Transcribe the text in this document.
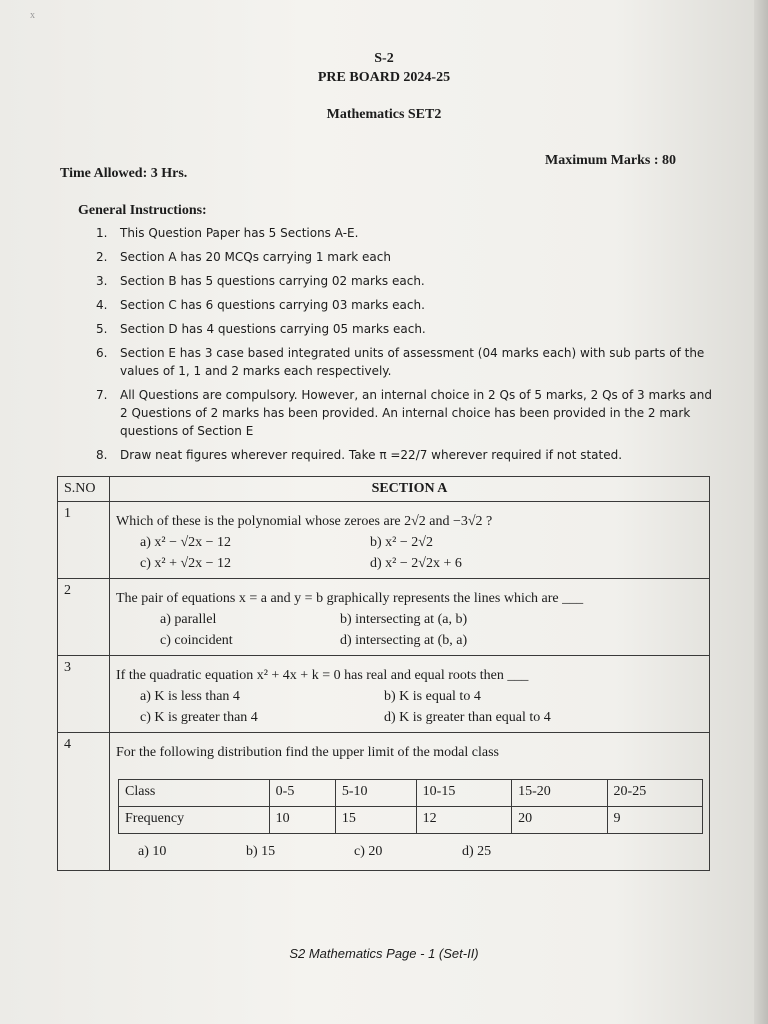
x
S-2
PRE BOARD 2024-25
Mathematics SET2
Time Allowed: 3 Hrs.
Maximum Marks : 80
General Instructions:
1.	This Question Paper has 5 Sections A-E.
2.	Section A has 20 MCQs carrying 1 mark each
3.	Section B has 5 questions carrying 02 marks each.
4.	Section C has 6 questions carrying 03 marks each.
5.	Section D has 4 questions carrying 05 marks each.
6.	Section E has 3 case based integrated units of assessment (04 marks each) with sub parts of the values of 1, 1 and 2 marks each respectively.
7.	All Questions are compulsory. However, an internal choice in 2 Qs of 5 marks, 2 Qs of 3 marks and 2 Questions of 2 marks has been provided. An internal choice has been provided in the 2 mark questions of Section E
8.	Draw neat figures wherever required. Take π =22/7 wherever required if not stated.
S.NO	SECTION A
1	
Which of these is the polynomial whose zeroes are 2√2 and −3√2 ?
a) x² − √2x − 12	b) x² − 2√2
c) x² + √2x − 12	d) x² − 2√2x + 6

2	
The pair of equations x = a and y = b graphically represents the lines which are ___
a) parallel	b) intersecting at (a, b)
c) coincident	d) intersecting at (b, a)

3	
If the quadratic equation x² + 4x + k = 0 has real and equal roots then ___
a) K is less than 4	b) K is equal to 4
c) K is greater than 4	d) K is greater than equal to 4

4	
For the following distribution find the upper limit of the modal class
Class	0-5	5-10	10-15	15-20	20-25
Frequency	10	15	12	20	9
a) 10	b) 15	c) 20	d) 25
S2 Mathematics Page - 1 (Set-II)
